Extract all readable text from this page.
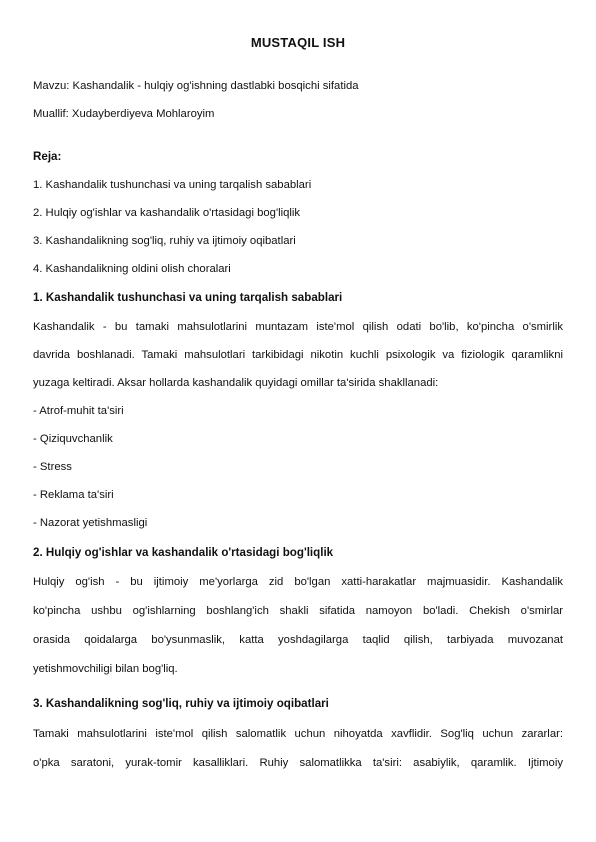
MUSTAQIL ISH
Mavzu: Kashandalik - hulqiy og'ishning dastlabki bosqichi sifatida
Muallif: Xudayberdiyeva Mohlaroyim
Reja:
1. Kashandalik tushunchasi va uning tarqalish sabablari
2. Hulqiy og'ishlar va kashandalik o'rtasidagi bog'liqlik
3. Kashandalikning sog'liq, ruhiy va ijtimoiy oqibatlari
4. Kashandalikning oldini olish choralari
1. Kashandalik tushunchasi va uning tarqalish sabablari
Kashandalik - bu tamaki mahsulotlarini muntazam iste'mol qilish odati bo'lib, ko'pincha o'smirlik
davrida boshlanadi. Tamaki mahsulotlari tarkibidagi nikotin kuchli psixologik va fiziologik qaramlikni
yuzaga keltiradi. Aksar hollarda kashandalik quyidagi omillar ta'sirida shakllanadi:
- Atrof-muhit ta'siri
- Qiziquvchanlik
- Stress
- Reklama ta'siri
- Nazorat yetishmasligi
2. Hulqiy og'ishlar va kashandalik o'rtasidagi bog'liqlik
Hulqiy og'ish - bu ijtimoiy me'yorlarga zid bo'lgan xatti-harakatlar majmuasidir. Kashandalik
ko'pincha ushbu og'ishlarning boshlang'ich shakli sifatida namoyon bo'ladi. Chekish o'smirlar
orasida qoidalarga bo'ysunmaslik, katta yoshdagilarga taqlid qilish, tarbiyada muvozanat
yetishmovchiligi bilan bog'liq.
3. Kashandalikning sog'liq, ruhiy va ijtimoiy oqibatlari
Tamaki mahsulotlarini iste'mol qilish salomatlik uchun nihoyatda xavflidir. Sog'liq uchun zararlar:
o'pka saratoni, yurak-tomir kasalliklari. Ruhiy salomatlikka ta'siri: asabiylik, qaramlik. Ijtimoiy
